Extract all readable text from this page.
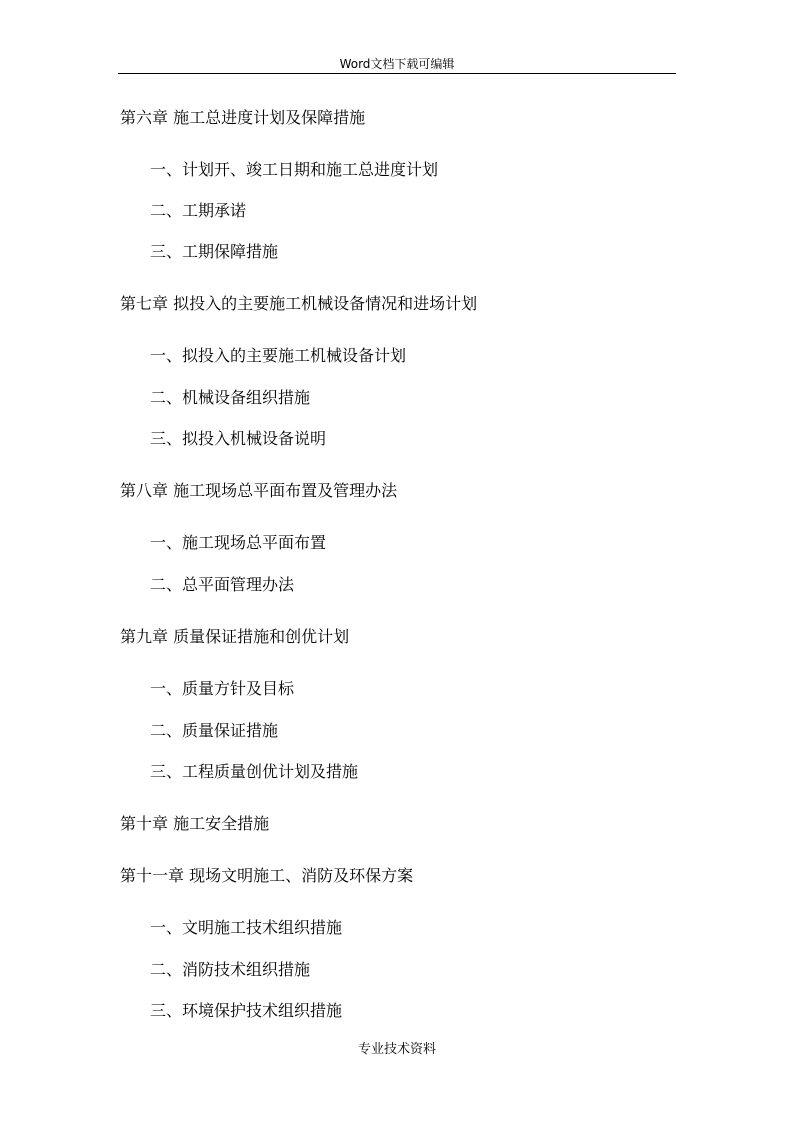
Word文档下载可编辑
第六章 施工总进度计划及保障措施
一、计划开、竣工日期和施工总进度计划
二、工期承诺
三、工期保障措施
第七章 拟投入的主要施工机械设备情况和进场计划
一、拟投入的主要施工机械设备计划
二、机械设备组织措施
三、拟投入机械设备说明
第八章 施工现场总平面布置及管理办法
一、施工现场总平面布置
二、总平面管理办法
第九章 质量保证措施和创优计划
一、质量方针及目标
二、质量保证措施
三、工程质量创优计划及措施
第十章 施工安全措施
第十一章 现场文明施工、消防及环保方案
一、文明施工技术组织措施
二、消防技术组织措施
三、环境保护技术组织措施
专业技术资料
